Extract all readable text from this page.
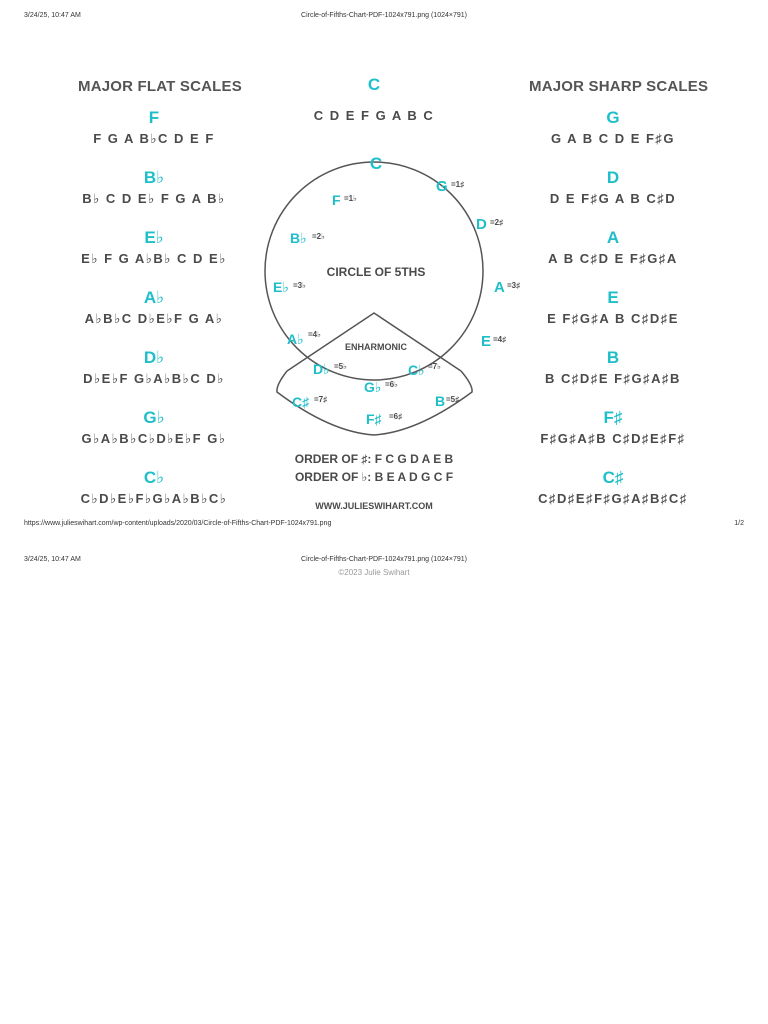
3/24/25, 10:47 AM	Circle-of-Fifths-Chart-PDF-1024x791.png (1024×791)
MAJOR FLAT SCALES	MAJOR SHARP SCALES
F
F G A B♭C D E F
B♭
B♭ C D E♭ F G A B♭
E♭
E♭ F G A♭B♭ C D E♭
A♭
A♭B♭C D♭E♭F G A♭
D♭
D♭E♭F G♭A♭B♭C D♭
G♭
G♭A♭B♭C♭D♭E♭F G♭
C♭
C♭D♭E♭F♭G♭A♭B♭C♭
G
G A B C D E F♯G
D
D E F♯G A B C♯D
A
A B C♯D E F♯G♯A
E
E F♯G♯A B C♯D♯E
B
B C♯D♯E F♯G♯A♯B
F♯
F♯G♯A♯B C♯D♯E♯F♯
C♯
C♯D♯E♯F♯G♯A♯B♯C♯
C
C D E F G A B C
CIRCLE OF 5THS
ENHARMONIC
C
G =1♯
D =2♯
A =3♯
E =4♯
B =5♯
F♯ =6♯
C♯ =7♯
F =1♭
B♭ =2♭
E♭ =3♭
A♭ =4♭
D♭ =5♭
G♭ =6♭
C♭ =7♭
ORDER OF ♯: F C G D A E B
ORDER OF ♭: B E A D G C F
WWW.JULIESWIHART.COM
https://www.julieswihart.com/wp-content/uploads/2020/03/Circle-of-Fifths-Chart-PDF-1024x791.png	1/2
3/24/25, 10:47 AM	Circle-of-Fifths-Chart-PDF-1024x791.png (1024×791)
©2023 Julie Swihart
